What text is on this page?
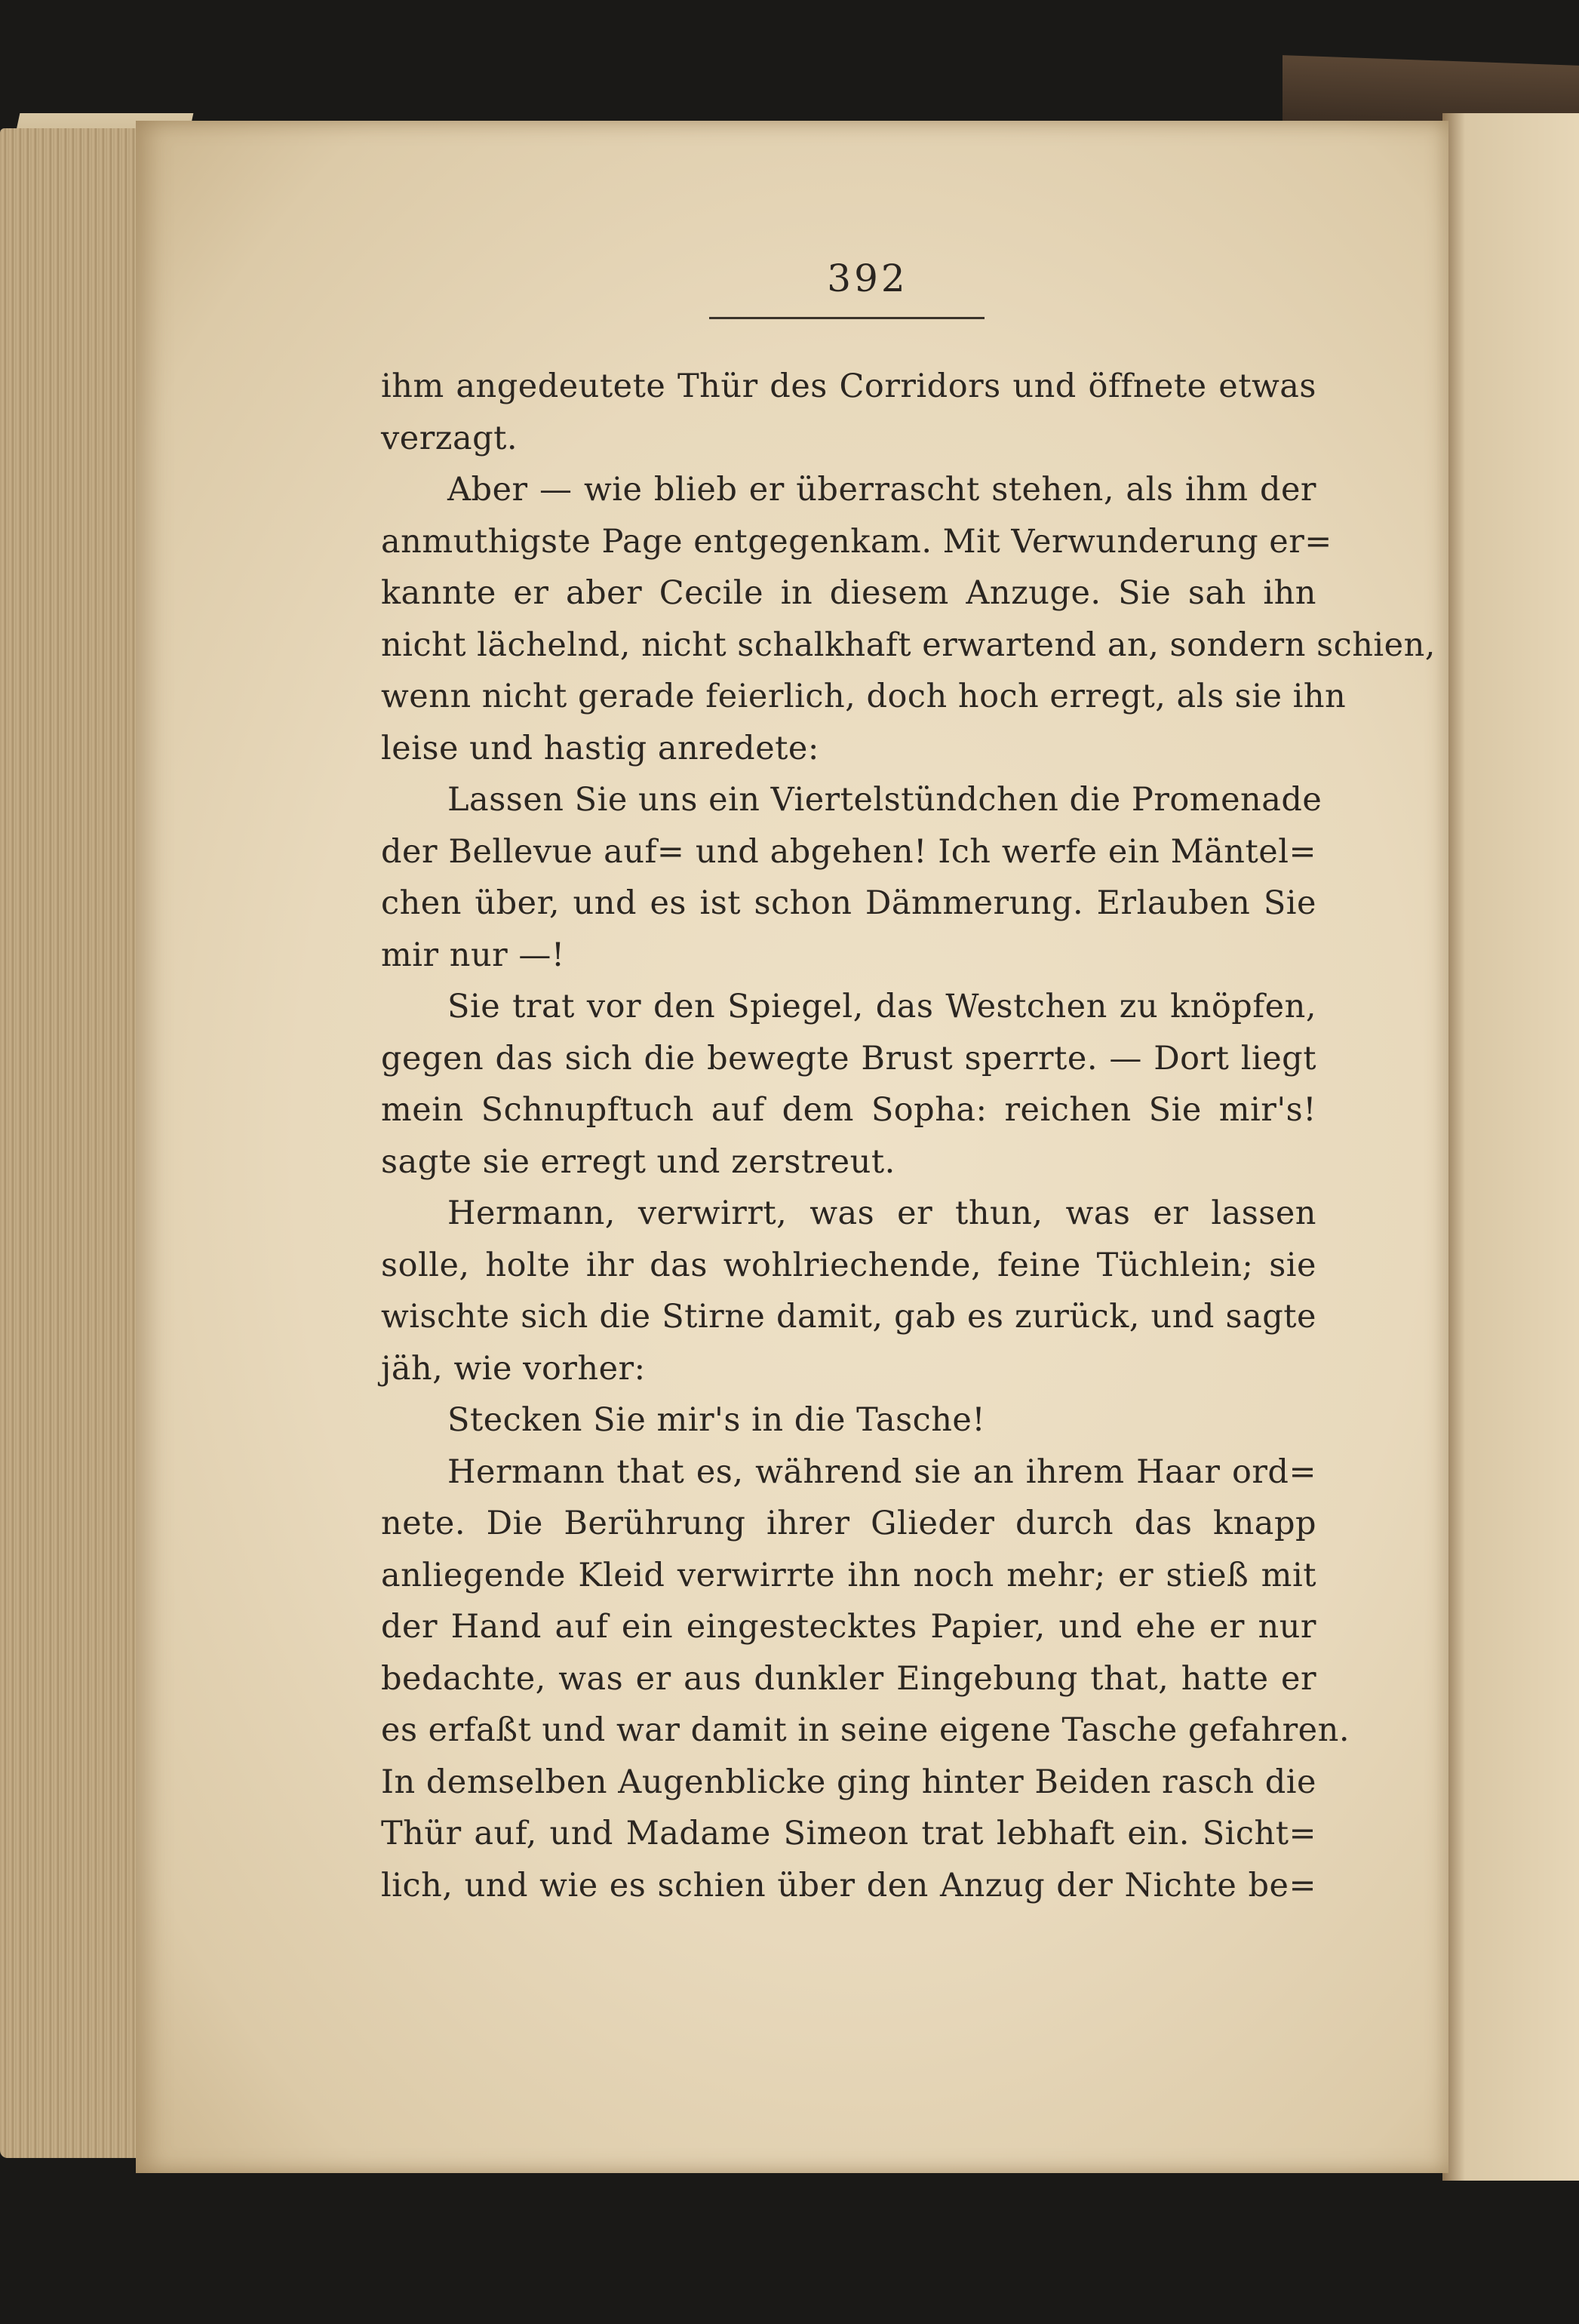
392
ihm angedeutete Thür des Corridors und öffnete etwas
verzagt.
Aber — wie blieb er überrascht stehen, als ihm der
anmuthigste Page entgegenkam. Mit Verwunderung er=
kannte er aber Cecile in diesem Anzuge. Sie sah ihn
nicht lächelnd, nicht schalkhaft erwartend an, sondern schien,
wenn nicht gerade feierlich, doch hoch erregt, als sie ihn
leise und hastig anredete:
Lassen Sie uns ein Viertelstündchen die Promenade
der Bellevue auf= und abgehen! Ich werfe ein Mäntel=
chen über, und es ist schon Dämmerung. Erlauben Sie
mir nur —!
Sie trat vor den Spiegel, das Westchen zu knöpfen,
gegen das sich die bewegte Brust sperrte. — Dort liegt
mein Schnupftuch auf dem Sopha: reichen Sie mir's!
sagte sie erregt und zerstreut.
Hermann, verwirrt, was er thun, was er lassen
solle, holte ihr das wohlriechende, feine Tüchlein; sie
wischte sich die Stirne damit, gab es zurück, und sagte
jäh, wie vorher:
Stecken Sie mir's in die Tasche!
Hermann that es, während sie an ihrem Haar ord=
nete. Die Berührung ihrer Glieder durch das knapp
anliegende Kleid verwirrte ihn noch mehr; er stieß mit
der Hand auf ein eingestecktes Papier, und ehe er nur
bedachte, was er aus dunkler Eingebung that, hatte er
es erfaßt und war damit in seine eigene Tasche gefahren.
In demselben Augenblicke ging hinter Beiden rasch die
Thür auf, und Madame Simeon trat lebhaft ein. Sicht=
lich, und wie es schien über den Anzug der Nichte be=
